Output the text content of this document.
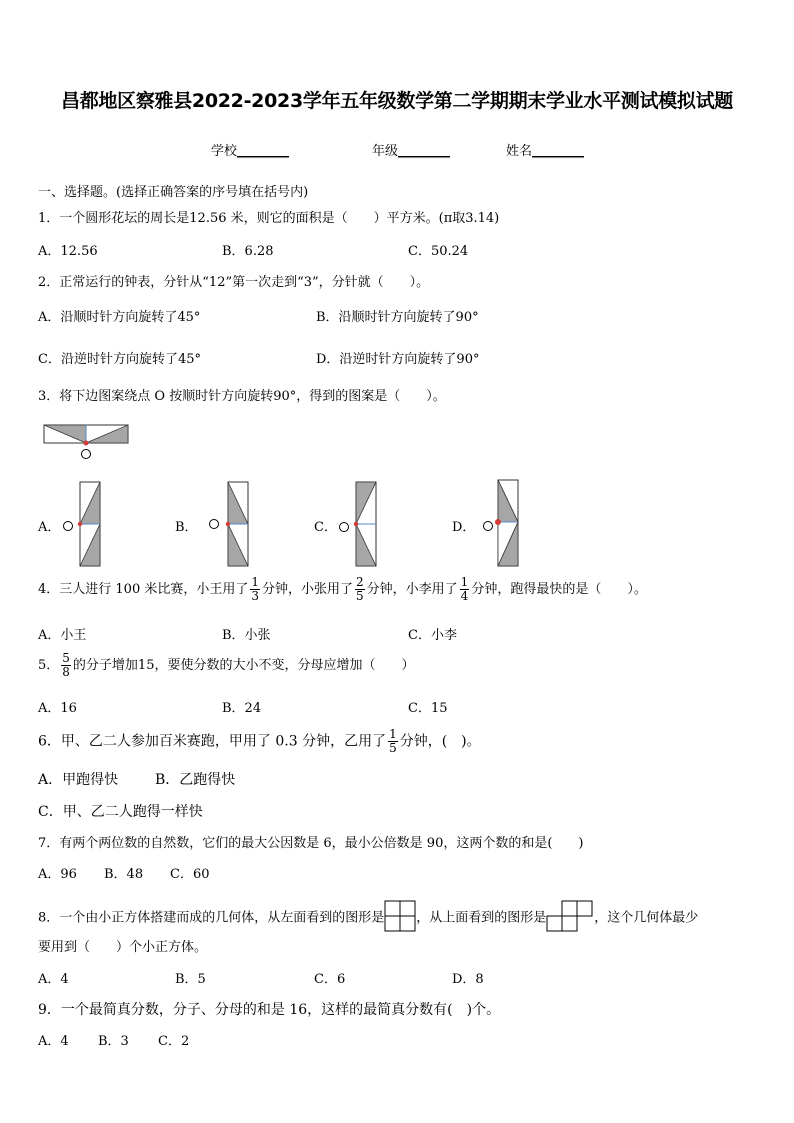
昌都地区察雅县2022-2023学年五年级数学第二学期期末学业水平测试模拟试题
学校________	年级________	姓名________
一、选择题。(选择正确答案的序号填在括号内)
1．一个圆形花坛的周长是12.56 米，则它的面积是（　　）平方米。(π取3.14)
A．12.56	B．6.28	C．50.24
2．正常运行的钟表，分针从“12”第一次走到“3”，分针就（　　）。
A．沿顺时针方向旋转了45°	B．沿顺时针方向旋转了90°
C．沿逆时针方向旋转了45°	D．沿逆时针方向旋转了90°
3．将下边图案绕点 O 按顺时针方向旋转90°，得到的图案是（　　）。
A．	B．	C．	D．
4．三人进行 100 米比赛，小王用了 $\frac{1}{3}$ 分钟，小张用了 $\frac{2}{5}$ 分钟，小李用了 $\frac{1}{4}$ 分钟，跑得最快的是（　　）。
A．小王	B．小张	C．小李
5． $\frac{5}{8}$ 的分子增加15，要使分数的大小不变，分母应增加（　　）
A．16	B．24	C．15
6．甲、乙二人参加百米赛跑，甲用了 0.3 分钟，乙用了 $\frac{1}{5}$ 分钟，(　)。
A．甲跑得快	B．乙跑得快
C．甲、乙二人跑得一样快
7．有两个两位数的自然数，它们的最大公因数是 6，最小公倍数是 90，这两个数的和是(　　)
A．96 B．48 C．60
8．一个由小正方体搭建而成的几何体，从左面看到的图形是 ，从上面看到的图形是	，这个几何体最少
要用到（　　）个小正方体。
A．4	B．5	C．6	D．8
9．一个最简真分数，分子、分母的和是 16，这样的最简真分数有(　)个。
A．4 B．3 C．2
